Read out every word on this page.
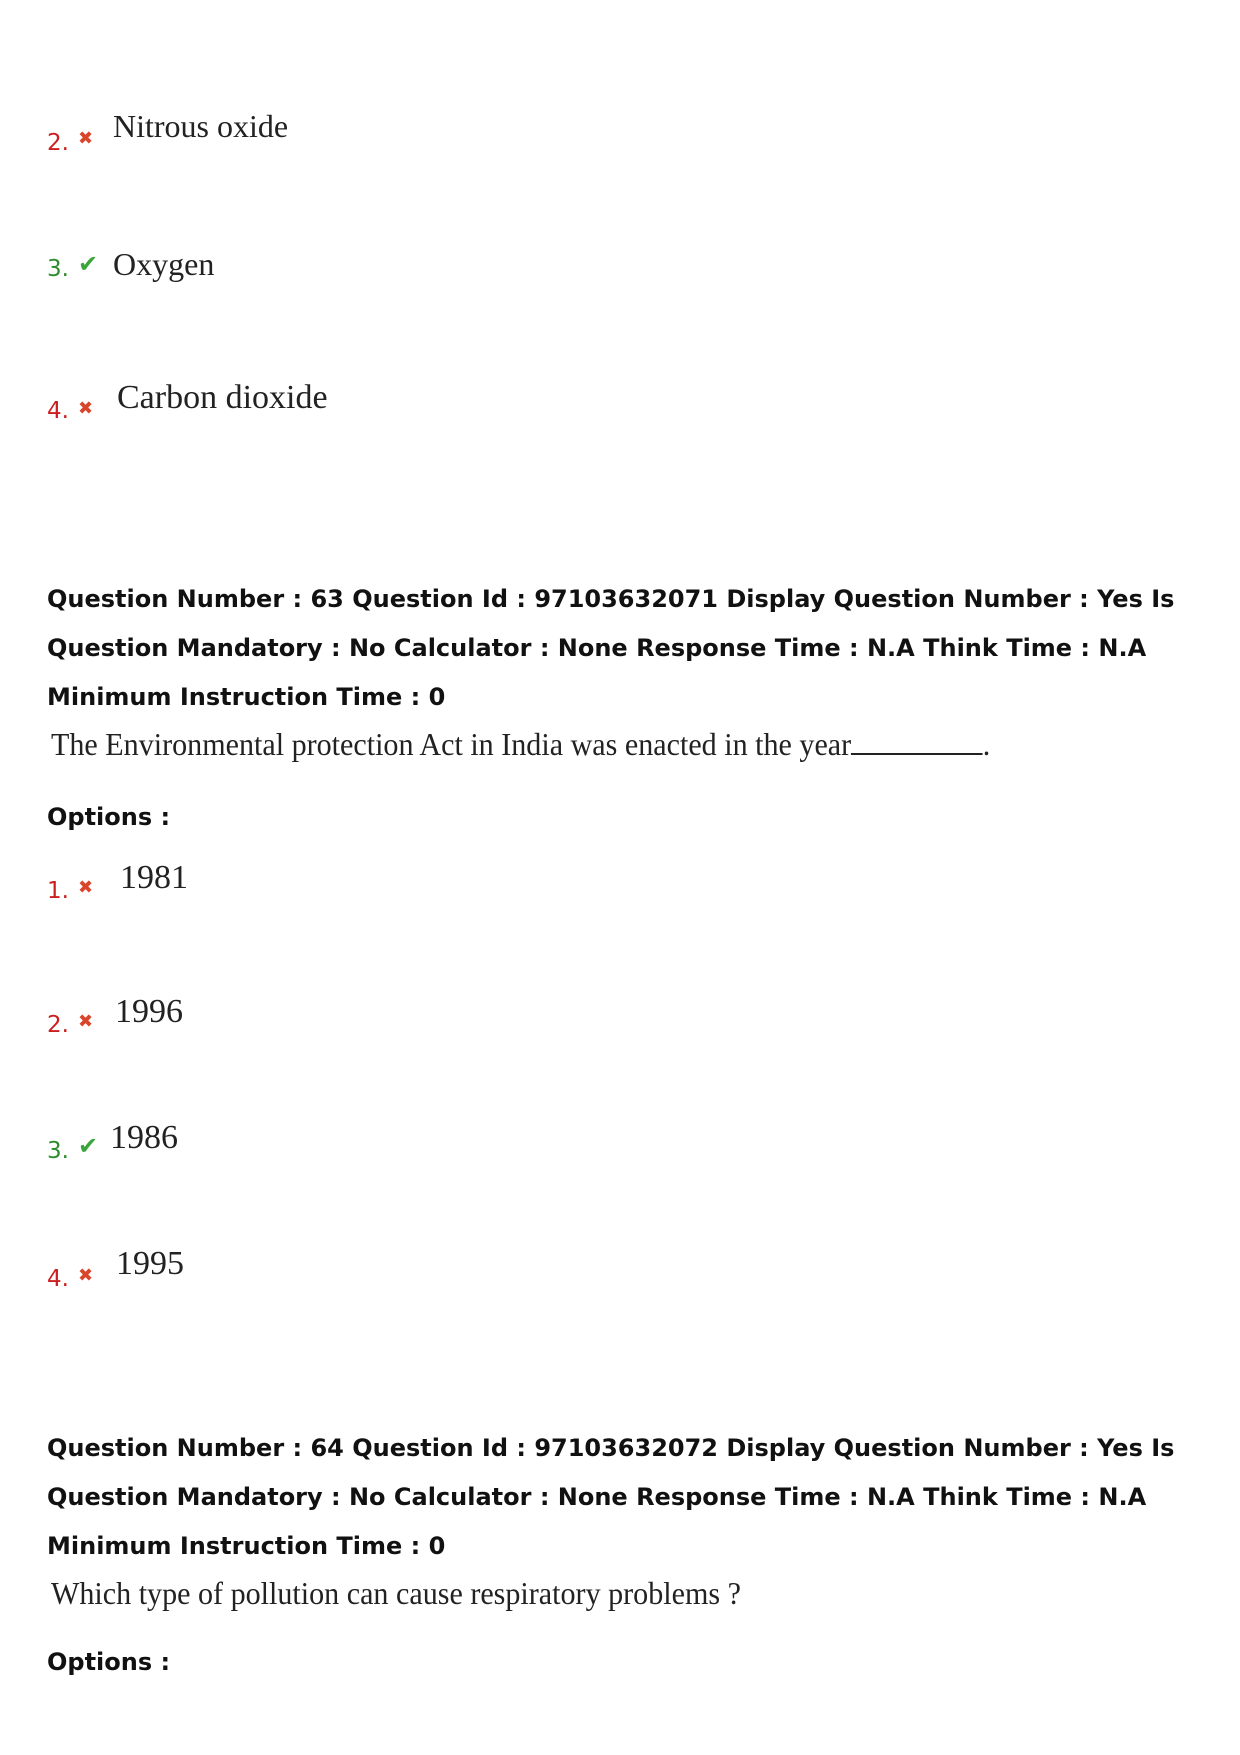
2. ✖ Nitrous oxide
3. ✔ Oxygen
4. ✖ Carbon dioxide

Question Number : 63 Question Id : 97103632071 Display Question Number : Yes Is Question Mandatory : No Calculator : None Response Time : N.A Think Time : N.A Minimum Instruction Time : 0

The Environmental protection Act in India was enacted in the year	.
Options :
1. ✖ 1981
2. ✖ 1996
3. ✔ 1986
4. ✖ 1995

Question Number : 64 Question Id : 97103632072 Display Question Number : Yes Is Question Mandatory : No Calculator : None Response Time : N.A Think Time : N.A Minimum Instruction Time : 0

Which type of pollution can cause respiratory problems ?
Options :
